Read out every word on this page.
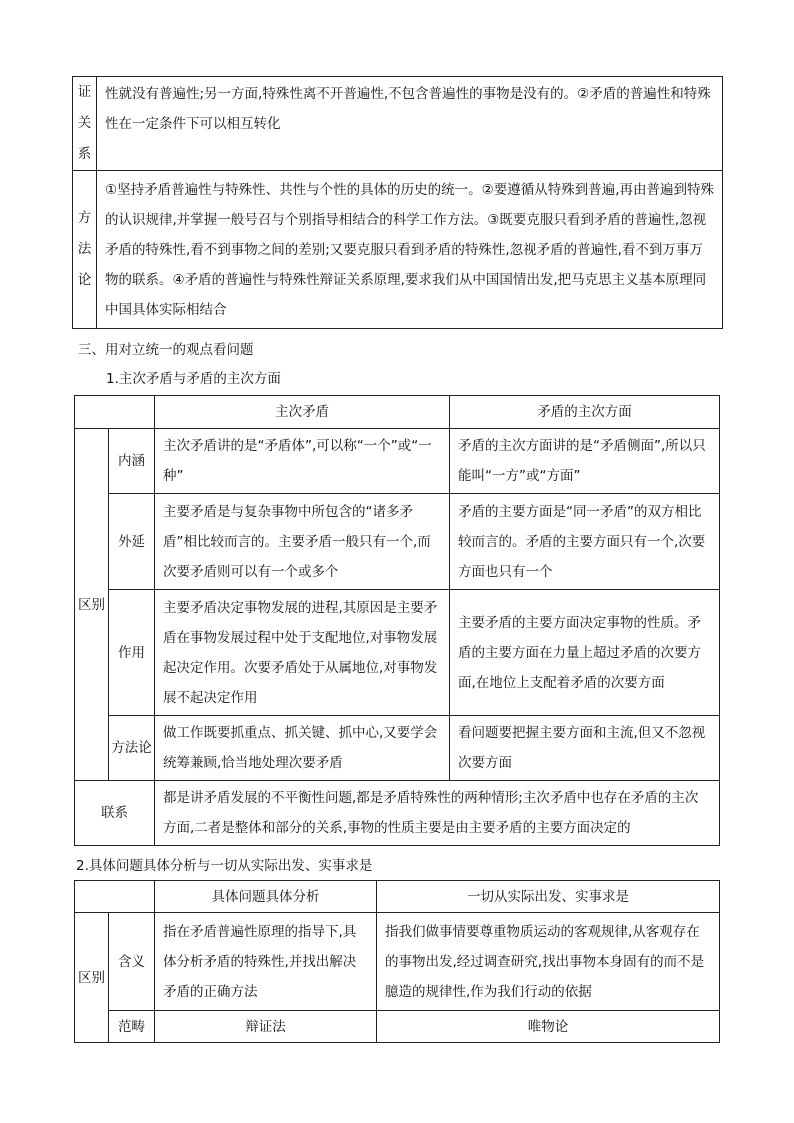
证
关
系	性就没有普遍性;另一方面,特殊性离不开普遍性,不包含普遍性的事物是没有的。②矛盾的普遍性和特殊性在一定条件下可以相互转化

方
法
论	①坚持矛盾普遍性与特殊性、共性与个性的具体的历史的统一。②要遵循从特殊到普遍,再由普遍到特殊的认识规律,并掌握一般号召与个别指导相结合的科学工作方法。③既要克服只看到矛盾的普遍性,忽视矛盾的特殊性,看不到事物之间的差别;又要克服只看到矛盾的特殊性,忽视矛盾的普遍性,看不到万事万物的联系。④矛盾的普遍性与特殊性辩证关系原理,要求我们从中国国情出发,把马克思主义基本原理同中国具体实际相结合
三、用对立统一的观点看问题
1.主次矛盾与矛盾的主次方面
		主次矛盾	矛盾的主次方面
区别	内涵	主次矛盾讲的是“矛盾体”,可以称“一个”或“一种”	矛盾的主次方面讲的是“矛盾侧面”,所以只能叫“一方”或“方面”
	外延	主要矛盾是与复杂事物中所包含的“诸多矛盾”相比较而言的。主要矛盾一般只有一个,而次要矛盾则可以有一个或多个	矛盾的主要方面是“同一矛盾”的双方相比较而言的。矛盾的主要方面只有一个,次要方面也只有一个
	作用	主要矛盾决定事物发展的进程,其原因是主要矛盾在事物发展过程中处于支配地位,对事物发展起决定作用。次要矛盾处于从属地位,对事物发展不起决定作用	主要矛盾的主要方面决定事物的性质。矛盾的主要方面在力量上超过矛盾的次要方面,在地位上支配着矛盾的次要方面
	方法论	做工作既要抓重点、抓关键、抓中心,又要学会统筹兼顾,恰当地处理次要矛盾	看问题要把握主要方面和主流,但又不忽视次要方面
联系		都是讲矛盾发展的不平衡性问题,都是矛盾特殊性的两种情形;主次矛盾中也存在矛盾的主次方面,二者是整体和部分的关系,事物的性质主要是由主要矛盾的主要方面决定的	
2.具体问题具体分析与一切从实际出发、实事求是
		具体问题具体分析	一切从实际出发、实事求是
区别	含义	指在矛盾普遍性原理的指导下,具体分析矛盾的特殊性,并找出解决矛盾的正确方法	指我们做事情要尊重物质运动的客观规律,从客观存在的事物出发,经过调查研究,找出事物本身固有的而不是臆造的规律性,作为我们行动的依据
	范畴	辩证法	唯物论
